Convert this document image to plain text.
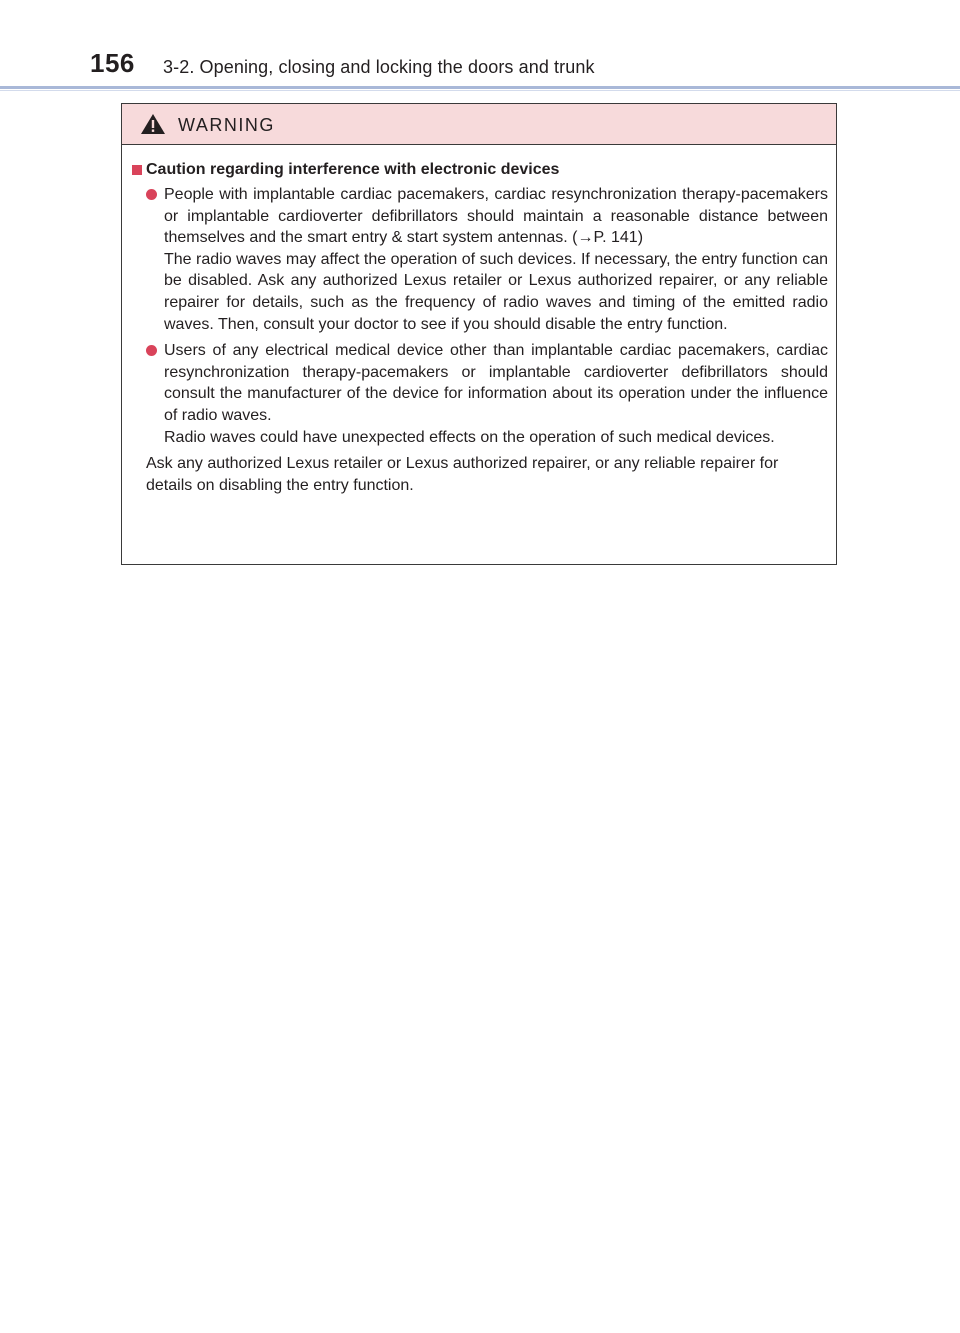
156 3-2. Opening, closing and locking the doors and trunk
WARNING
Caution regarding interference with electronic devices

People with implantable cardiac pacemakers, cardiac resynchronization therapy-pacemakers or implantable cardioverter defibrillators should maintain a reasonable distance between themselves and the smart entry & start system antennas. (→P. 141)

The radio waves may affect the operation of such devices. If necessary, the entry function can be disabled. Ask any authorized Lexus retailer or Lexus authorized repairer, or any reliable repairer for details, such as the frequency of radio waves and timing of the emitted radio waves. Then, consult your doctor to see if you should disable the entry function.

Users of any electrical medical device other than implantable cardiac pacemakers, cardiac resynchronization therapy-pacemakers or implantable cardioverter defibrillators should consult the manufacturer of the device for information about its operation under the influence of radio waves.

Radio waves could have unexpected effects on the operation of such medical devices.

Ask any authorized Lexus retailer or Lexus authorized repairer, or any reliable repairer for details on disabling the entry function.
